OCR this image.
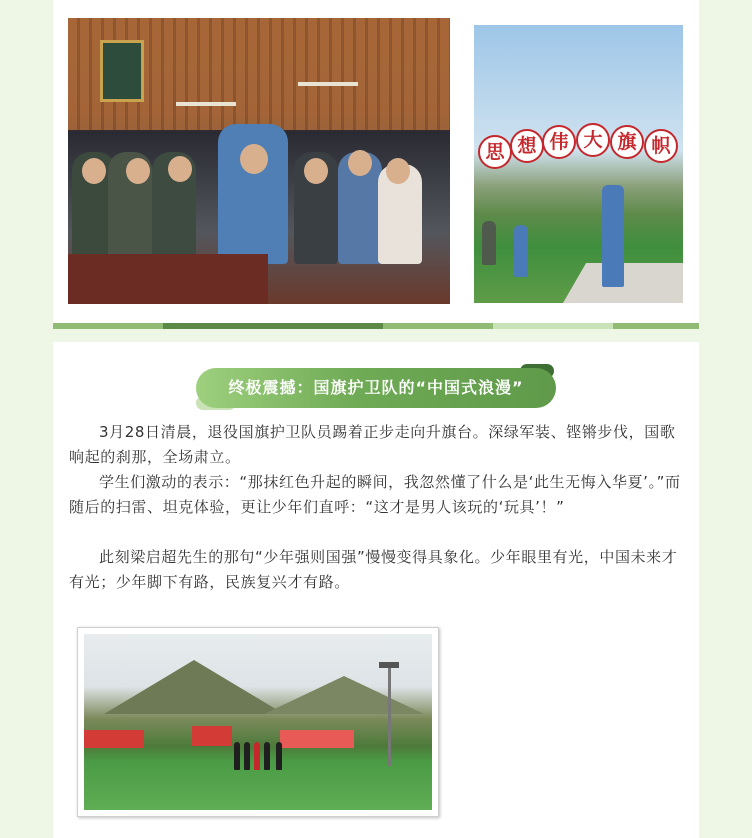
思 想 伟 大 旗 帜
终极震撼：国旗护卫队的“中国式浪漫”

3月28日清晨，退役国旗护卫队员踢着正步走向升旗台。深绿军装、铿锵步伐，国歌响起的刹那，全场肃立。

学生们激动的表示：“那抹红色升起的瞬间，我忽然懂了什么是‘此生无悔入华夏’。”而随后的扫雷、坦克体验，更让少年们直呼：“这才是男人该玩的‘玩具’！”

此刻梁启超先生的那句“少年强则国强”慢慢变得具象化。少年眼里有光，中国未来才有光；少年脚下有路，民族复兴才有路。
